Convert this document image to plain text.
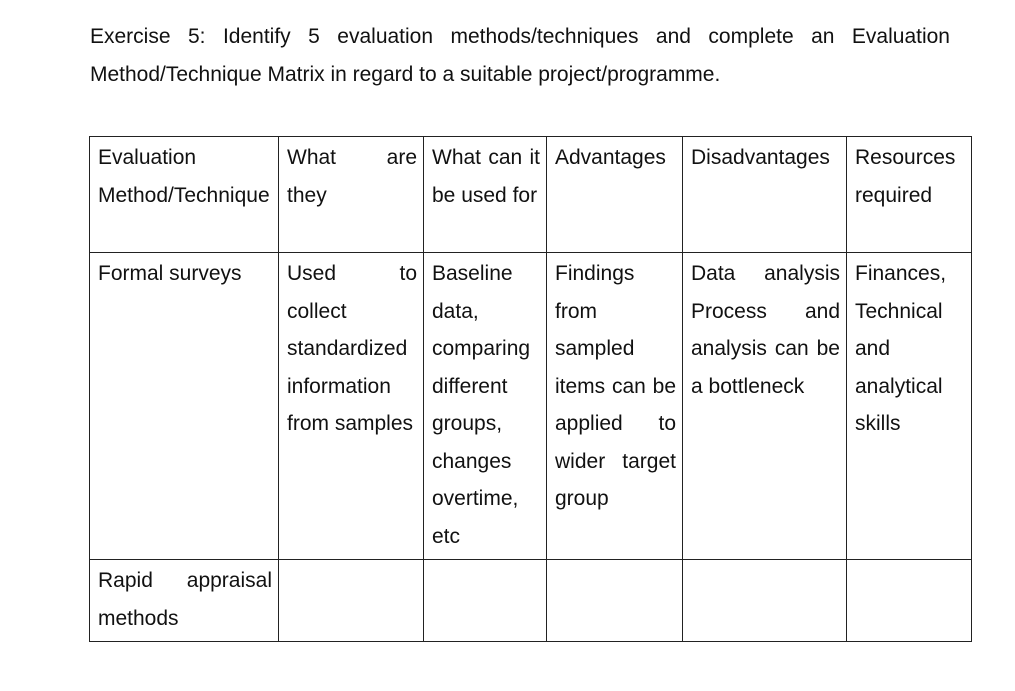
Exercise 5: Identify 5 evaluation methods/techniques and complete an Evaluation Method/Technique Matrix in regard to a suitable project/programme.
Evaluation Method/Technique	What are they	What can it be used for	Advantages	Disadvantages	Resources required
Formal surveys	Used to collect standardized information from samples	Baseline data, comparing different groups, changes overtime, etc	Findings from sampled items can be applied to wider target group	Data analysis Process and analysis can be a bottleneck	Finances, Technical and analytical skills
Rapid appraisal methods					
